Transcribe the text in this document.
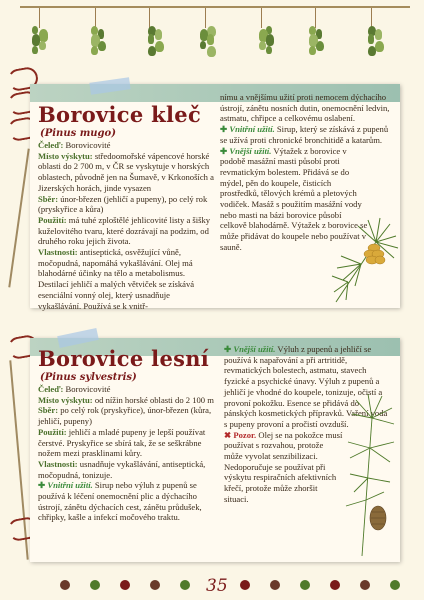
Borovice kleč
(Pinus mugo)

Čeleď: Borovicovité

Místo výskytu: středoomořské vápencové horské oblasti do 2 700 m, v ČR se vyskytuje v horských oblastech, původně jen na Šumavě, v Krkonoších a Jizerských horách, jinde vysazen

Sběr: únor-březen (jehličí a pupeny), po celý rok (pryskyřice a kůra)

Použití: má tuhé zploštělé jehlicovité listy a šišky kuželovitého tvaru, které dozrávají na podzim, od druhého roku jejich života.

Vlastnosti: antiseptická, osvěžující vůně, močopudná, napomáhá vykašlávání. Olej má blahodárné účinky na tělo a metabolismus. Destilací jehličí a malých větviček se získává esenciální vonný olej, který usnadňuje vykašlávání. Používá se k vnitř-

nímu a vnějšímu užití proti nemocem dýchacího ústrojí, zánětu nosních dutin, onemocnění ledvin, astmatu, chřipce a celkovému oslabení.

✚ Vnitřní užití. Sirup, který se získává z pupenů se užívá proti chronické bronchitidě a katarům.

✚ Vnější užití. Výtažek z borovice v podobě masážní masti působí proti revmatickým bolestem. Přidává se do mýdel, pěn do koupele, čisticích prostředků, tělových krémů a pletových vodiček. Masáž s použitím masážní vody nebo masti na bázi borovice působí celkově blahodárně. Výtažek z borovice se může přidávat do koupele nebo používat v sauně.

Borovice lesní
(Pinus sylvestris)

Čeleď: Borovicovité

Místo výskytu: od nížin horské oblasti do 2 100 m

Sběr: po celý rok (pryskyřice), únor-březen (kůra, jehličí, pupeny)

Použití: jehličí a mladé pupeny je lepší používat čerstvé. Pryskyřice se sbírá tak, že se seškrábne nožem mezi prasklinami kůry.

Vlastnosti: usnadňuje vykašlávání, antiseptická, močopudná, tonizuje.

✚ Vnitřní užití. Sirup nebo výluh z pupenů se používá k léčení onemocnění plic a dýchacího ústrojí, zánětu dýchacích cest, zánětu průdušek, chřipky, kašle a infekcí močového traktu.

✚ Vnější užití. Výluh z pupenů a jehličí se používá k napařování a při artritidě, revmatických bolestech, astmatu, stavech fyzické a psychické únavy. Výluh z pupenů a jehličí je vhodné do koupele, tonizuje, očistí a provoní pokožku. Esence se přidává do pánských kosmetických přípravků. Vaření voda s pupeny provoní a pročistí ovzduší.

✖ Pozor. Olej se na pokožce musí používat s rozvahou, protože může vyvolat senzibilizaci. Nedoporučuje se používat při výskytu respiračních afektivních křečí, protože může zhoršit situaci.

35
